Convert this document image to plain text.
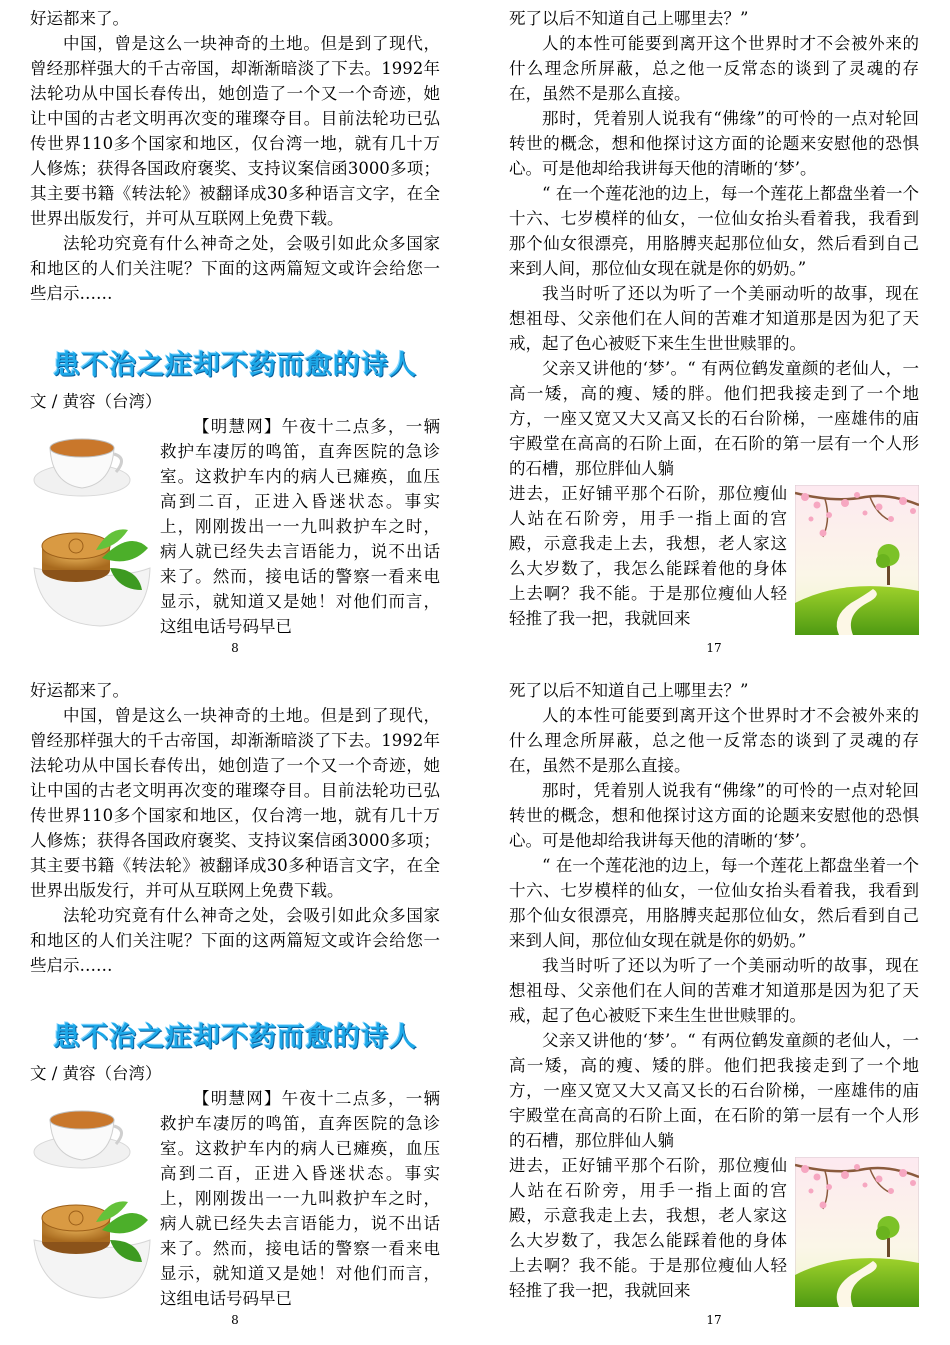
好运都来了。

中国，曾是这么一块神奇的土地。但是到了现代，曾经那样强大的千古帝国，却渐渐暗淡了下去。1992年法轮功从中国长春传出，她创造了一个又一个奇迹，她让中国的古老文明再次变的璀璨夺目。目前法轮功已弘传世界110多个国家和地区，仅台湾一地，就有几十万人修炼；获得各国政府褒奖、支持议案信函3000多项；其主要书籍《转法轮》被翻译成30多种语言文字，在全世界出版发行，并可从互联网上免费下载。

法轮功究竟有什么神奇之处，会吸引如此众多国家和地区的人们关注呢？下面的这两篇短文或许会给您一些启示……

患不治之症却不药而愈的诗人

文 / 黄容（台湾）

【明慧网】午夜十二点多，一辆救护车凄厉的鸣笛，直奔医院的急诊室。这救护车内的病人已瘫痪，血压高到二百，正进入昏迷状态。事实上，刚刚拨出一一九叫救护车之时，病人就已经失去言语能力，说不出话来了。然而，接电话的警察一看来电显示，就知道又是她！对他们而言，这组电话号码早已

8

死了以后不知道自己上哪里去？”

人的本性可能要到离开这个世界时才不会被外来的什么理念所屏蔽，总之他一反常态的谈到了灵魂的存在，虽然不是那么直接。

那时，凭着别人说我有“佛缘”的可怜的一点对轮回转世的概念，想和他探讨这方面的论题来安慰他的恐惧心。可是他却给我讲每天他的清晰的‘梦’。

“ 在一个莲花池的边上，每一个莲花上都盘坐着一个十六、七岁模样的仙女，一位仙女抬头看着我，我看到那个仙女很漂亮，用胳膊夹起那位仙女，然后看到自己来到人间，那位仙女现在就是你的奶奶。”

我当时听了还以为听了一个美丽动听的故事，现在想祖母、父亲他们在人间的苦难才知道那是因为犯了天戒，起了色心被贬下来生生世世赎罪的。

父亲又讲他的‘梦’。“ 有两位鹤发童颜的老仙人，一高一矮，高的瘦、矮的胖。他们把我接走到了一个地方，一座又宽又大又高又长的石台阶梯，一座雄伟的庙宇殿堂在高高的石阶上面，在石阶的第一层有一个人形的石槽，那位胖仙人躺

进去，正好铺平那个石阶，那位瘦仙人站在石阶旁，用手一指上面的宫殿，示意我走上去，我想，老人家这么大岁数了，我怎么能踩着他的身体上去啊？我不能。于是那位瘦仙人轻轻推了我一把，我就回来

17

好运都来了。

中国，曾是这么一块神奇的土地。但是到了现代，曾经那样强大的千古帝国，却渐渐暗淡了下去。1992年法轮功从中国长春传出，她创造了一个又一个奇迹，她让中国的古老文明再次变的璀璨夺目。目前法轮功已弘传世界110多个国家和地区，仅台湾一地，就有几十万人修炼；获得各国政府褒奖、支持议案信函3000多项；其主要书籍《转法轮》被翻译成30多种语言文字，在全世界出版发行，并可从互联网上免费下载。

法轮功究竟有什么神奇之处，会吸引如此众多国家和地区的人们关注呢？下面的这两篇短文或许会给您一些启示……

患不治之症却不药而愈的诗人

文 / 黄容（台湾）

【明慧网】午夜十二点多，一辆救护车凄厉的鸣笛，直奔医院的急诊室。这救护车内的病人已瘫痪，血压高到二百，正进入昏迷状态。事实上，刚刚拨出一一九叫救护车之时，病人就已经失去言语能力，说不出话来了。然而，接电话的警察一看来电显示，就知道又是她！对他们而言，这组电话号码早已

8

死了以后不知道自己上哪里去？”

人的本性可能要到离开这个世界时才不会被外来的什么理念所屏蔽，总之他一反常态的谈到了灵魂的存在，虽然不是那么直接。

那时，凭着别人说我有“佛缘”的可怜的一点对轮回转世的概念，想和他探讨这方面的论题来安慰他的恐惧心。可是他却给我讲每天他的清晰的‘梦’。

“ 在一个莲花池的边上，每一个莲花上都盘坐着一个十六、七岁模样的仙女，一位仙女抬头看着我，我看到那个仙女很漂亮，用胳膊夹起那位仙女，然后看到自己来到人间，那位仙女现在就是你的奶奶。”

我当时听了还以为听了一个美丽动听的故事，现在想祖母、父亲他们在人间的苦难才知道那是因为犯了天戒，起了色心被贬下来生生世世赎罪的。

父亲又讲他的‘梦’。“ 有两位鹤发童颜的老仙人，一高一矮，高的瘦、矮的胖。他们把我接走到了一个地方，一座又宽又大又高又长的石台阶梯，一座雄伟的庙宇殿堂在高高的石阶上面，在石阶的第一层有一个人形的石槽，那位胖仙人躺

进去，正好铺平那个石阶，那位瘦仙人站在石阶旁，用手一指上面的宫殿，示意我走上去，我想，老人家这么大岁数了，我怎么能踩着他的身体上去啊？我不能。于是那位瘦仙人轻轻推了我一把，我就回来

17
